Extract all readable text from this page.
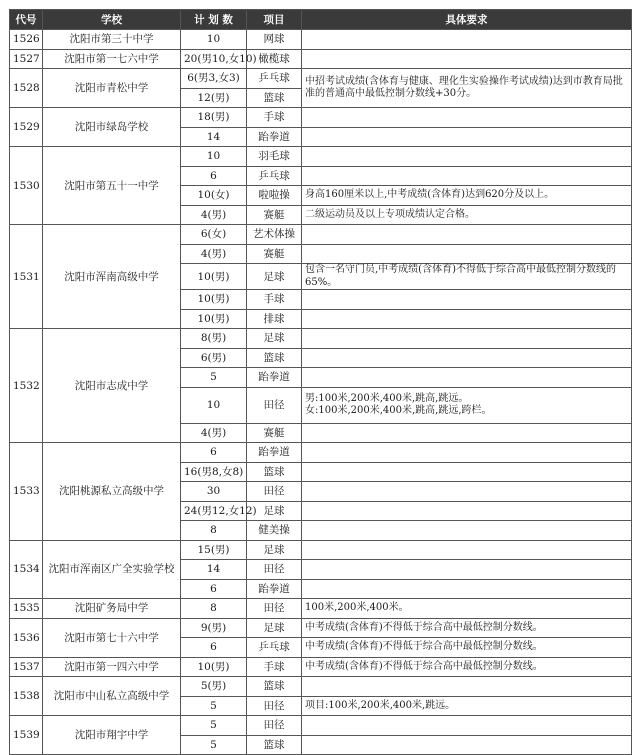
代号	学校	计 划 数	项目	具体要求
1526	沈阳市第三十中学	10	网球	
1527	沈阳市第一七六中学	20(男10,女10)	橄榄球	
1528	沈阳市青松中学	6(男3,女3)	乒乓球	中招考试成绩(含体育与健康、理化生实验操作考试成绩)达到市教育局批准的普通高中最低控制分数线+30分。
		12(男)	篮球	
1529	沈阳市绿岛学校	18(男)	手球	
		14	跆拳道	
1530	沈阳市第五十一中学	10	羽毛球	
		6	乒乓球	
		10(女)	啦啦操	身高160厘米以上,中考成绩(含体育)达到620分及以上。
		4(男)	赛艇	二级运动员及以上专项成绩认定合格。
1531	沈阳市浑南高级中学	6(女)	艺术体操	
		4(男)	赛艇	
		10(男)	足球	包含一名守门员,中考成绩(含体育)不得低于综合高中最低控制分数线的65%。
		10(男)	手球	
		10(男)	排球	
1532	沈阳市志成中学	8(男)	足球	
		6(男)	篮球	
		5	跆拳道	
		10	田径	男:100米,200米,400米,跳高,跳远。
女:100米,200米,400米,跳高,跳远,跨栏。
		4(男)	赛艇	
1533	沈阳桃源私立高级中学	6	跆拳道	
		16(男8,女8)	篮球	
		30	田径	
		24(男12,女12)	足球	
		8	健美操	
1534	沈阳市浑南区广全实验学校	15(男)	足球	
		14	田径	
		6	跆拳道	
1535	沈阳矿务局中学	8	田径	100米,200米,400米。
1536	沈阳市第七十六中学	9(男)	足球	中考成绩(含体育)不得低于综合高中最低控制分数线。
		6	乒乓球	中考成绩(含体育)不得低于综合高中最低控制分数线。
1537	沈阳市第一四六中学	10(男)	手球	中考成绩(含体育)不得低于综合高中最低控制分数线。
1538	沈阳市中山私立高级中学	5(男)	篮球	
		5	田径	项目:100米,200米,400米,跳远。
1539	沈阳市翔宇中学	5	田径	
		5	篮球	
